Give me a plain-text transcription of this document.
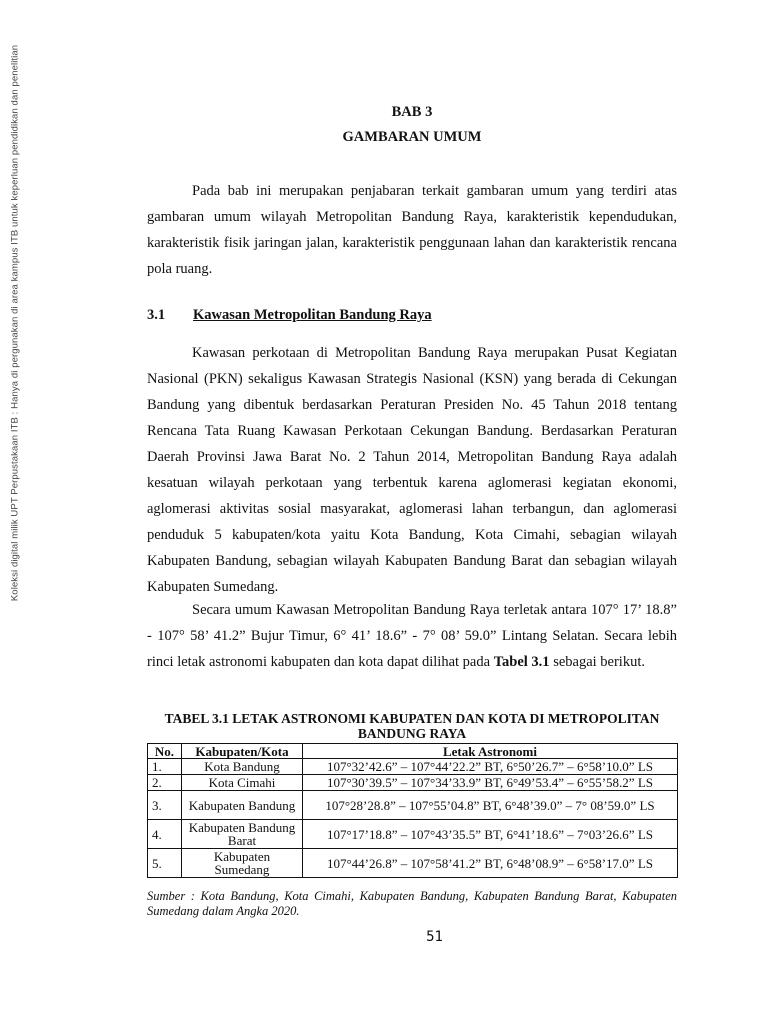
Koleksi digital milik UPT Perpustakaan ITB : Hanya di pergunakan di area kampus ITB untuk keperluan pendidikan dan penelitian	BAB 3
GAMBARAN UMUM

Pada bab ini merupakan penjabaran terkait gambaran umum yang terdiri atas gambaran umum wilayah Metropolitan Bandung Raya, karakteristik kependudukan, karakteristik fisik jaringan jalan, karakteristik penggunaan lahan dan karakteristik rencana pola ruang.

3.1 Kawasan Metropolitan Bandung Raya

Kawasan perkotaan di Metropolitan Bandung Raya merupakan Pusat Kegiatan Nasional (PKN) sekaligus Kawasan Strategis Nasional (KSN) yang berada di Cekungan Bandung yang dibentuk berdasarkan Peraturan Presiden No. 45 Tahun 2018 tentang Rencana Tata Ruang Kawasan Perkotaan Cekungan Bandung. Berdasarkan Peraturan Daerah Provinsi Jawa Barat No. 2 Tahun 2014, Metropolitan Bandung Raya adalah kesatuan wilayah perkotaan yang terbentuk karena aglomerasi kegiatan ekonomi, aglomerasi aktivitas sosial masyarakat, aglomerasi lahan terbangun, dan aglomerasi penduduk 5 kabupaten/kota yaitu Kota Bandung, Kota Cimahi, sebagian wilayah Kabupaten Bandung, sebagian wilayah Kabupaten Bandung Barat dan sebagian wilayah Kabupaten Sumedang.

Secara umum Kawasan Metropolitan Bandung Raya terletak antara 107° 17’ 18.8” - 107° 58’ 41.2” Bujur Timur, 6° 41’ 18.6” - 7° 08’ 59.0” Lintang Selatan. Secara lebih rinci letak astronomi kabupaten dan kota dapat dilihat pada Tabel 3.1 sebagai berikut.

TABEL 3.1 LETAK ASTRONOMI KABUPATEN DAN KOTA DI METROPOLITAN BANDUNG RAYA
No.	Kabupaten/Kota	Letak Astronomi
1.	Kota Bandung	107°32’42.6” – 107°44’22.2” BT, 6°50’26.7” – 6°58’10.0” LS
2.	Kota Cimahi	107°30’39.5” – 107°34’33.9” BT, 6°49’53.4” – 6°55’58.2” LS
3.	Kabupaten Bandung	107°28’28.8” – 107°55’04.8” BT, 6°48’39.0” – 7° 08’59.0” LS
4.	Kabupaten Bandung Barat	107°17’18.8” – 107°43’35.5” BT, 6°41’18.6” – 7°03’26.6” LS
5.	Kabupaten Sumedang	107°44’26.8” – 107°58’41.2” BT, 6°48’08.9” – 6°58’17.0” LS

Sumber : Kota Bandung, Kota Cimahi, Kabupaten Bandung, Kabupaten Bandung Barat, Kabupaten Sumedang dalam Angka 2020.

51
